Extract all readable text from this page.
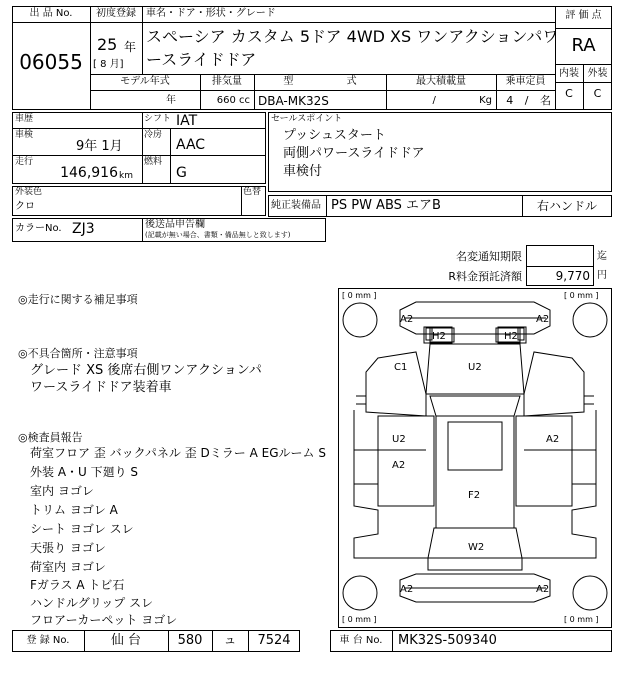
出 品 No.
06055
初度登録
25 年
[ 8 月]
車名・ドア・形状・グレード
スペーシア カスタム 5ドア 4WD XS ワンアクションパワ
ースライドドア
評 価 点
RA
内装 外装
C	C
モデル年式
年
排気量
660 cc
型 式
DBA-MK32S
最大積載量
/ Kg
乗車定員
4 / 名
車歴	シフト IAT
車検
9年 1月
冷房
AAC
走行
146,916 km
燃料
G
外装色
クロ
色替
カラーNo. ZJ3	後送品申告欄
(記載が無い場合、書類・備品無しと致します)
セールスポイント
プッシュスタート
両側パワースライドドア
車検付
純正装備品 PS PW ABS エアB	右ハンドル
名変通知期限	迄
R料金預託済額	9,770 円
◎走行に関する補足事項
◎不具合箇所・注意事項
グレード XS 後席右側ワンアクションパ
ワースライドドア装着車
◎検査員報告
荷室フロア 歪 バックパネル 歪 Dミラー A EGルーム S
外装 A・U 下廻り S
室内 ヨゴレ
トリム ヨゴレ A
シート ヨゴレ スレ
天張り ヨゴレ
荷室内 ヨゴレ
Fガラス A トビ石
ハンドルグリップ スレ
フロアーカーペット ヨゴレ
[ 0 mm ]	[ 0 mm ]
[ 0 mm ]	[ 0 mm ]
A2	A2
H2	H2
C1	U2
U2
A2
A2
F2
W2
A2	A2
登 録 No.	仙 台	580	ュ	7524	車 台 No.	MK32S-509340
